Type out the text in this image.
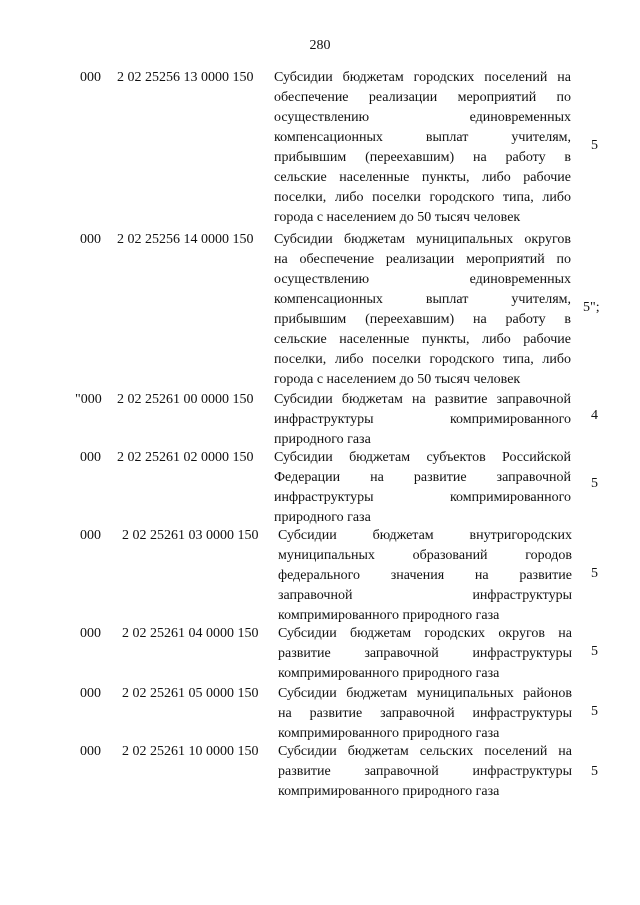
280
000 2 02 25256 13 0000 150 Субсидии бюджетам городских поселений на
обеспечение реализации мероприятий по
осуществлению единовременных
компенсационных выплат учителям,
прибывшим (переехавшим) на работу в
сельские населенные пункты, либо рабочие
поселки, либо поселки городского типа, либо
города с населением до 50 тысяч человек
5
000 2 02 25256 14 0000 150 Субсидии бюджетам муниципальных округов
на обеспечение реализации мероприятий по
осуществлению единовременных
компенсационных выплат учителям,
прибывшим (переехавшим) на работу в
сельские населенные пункты, либо рабочие
поселки, либо поселки городского типа, либо
города с населением до 50 тысяч человек
5";
"000 2 02 25261 00 0000 150 Субсидии бюджетам на развитие заправочной
инфраструктуры компримированного
природного газа
4
000 2 02 25261 02 0000 150 Субсидии бюджетам субъектов Российской
Федерации на развитие заправочной
инфраструктуры компримированного
природного газа
5
000 2 02 25261 03 0000 150 Субсидии бюджетам внутригородских
муниципальных образований городов
федерального значения на развитие
заправочной инфраструктуры
компримированного природного газа
5
000 2 02 25261 04 0000 150 Субсидии бюджетам городских округов на
развитие заправочной инфраструктуры
компримированного природного газа
5
000 2 02 25261 05 0000 150 Субсидии бюджетам муниципальных районов
на развитие заправочной инфраструктуры
компримированного природного газа
5
000 2 02 25261 10 0000 150 Субсидии бюджетам сельских поселений на
развитие заправочной инфраструктуры
компримированного природного газа
5
